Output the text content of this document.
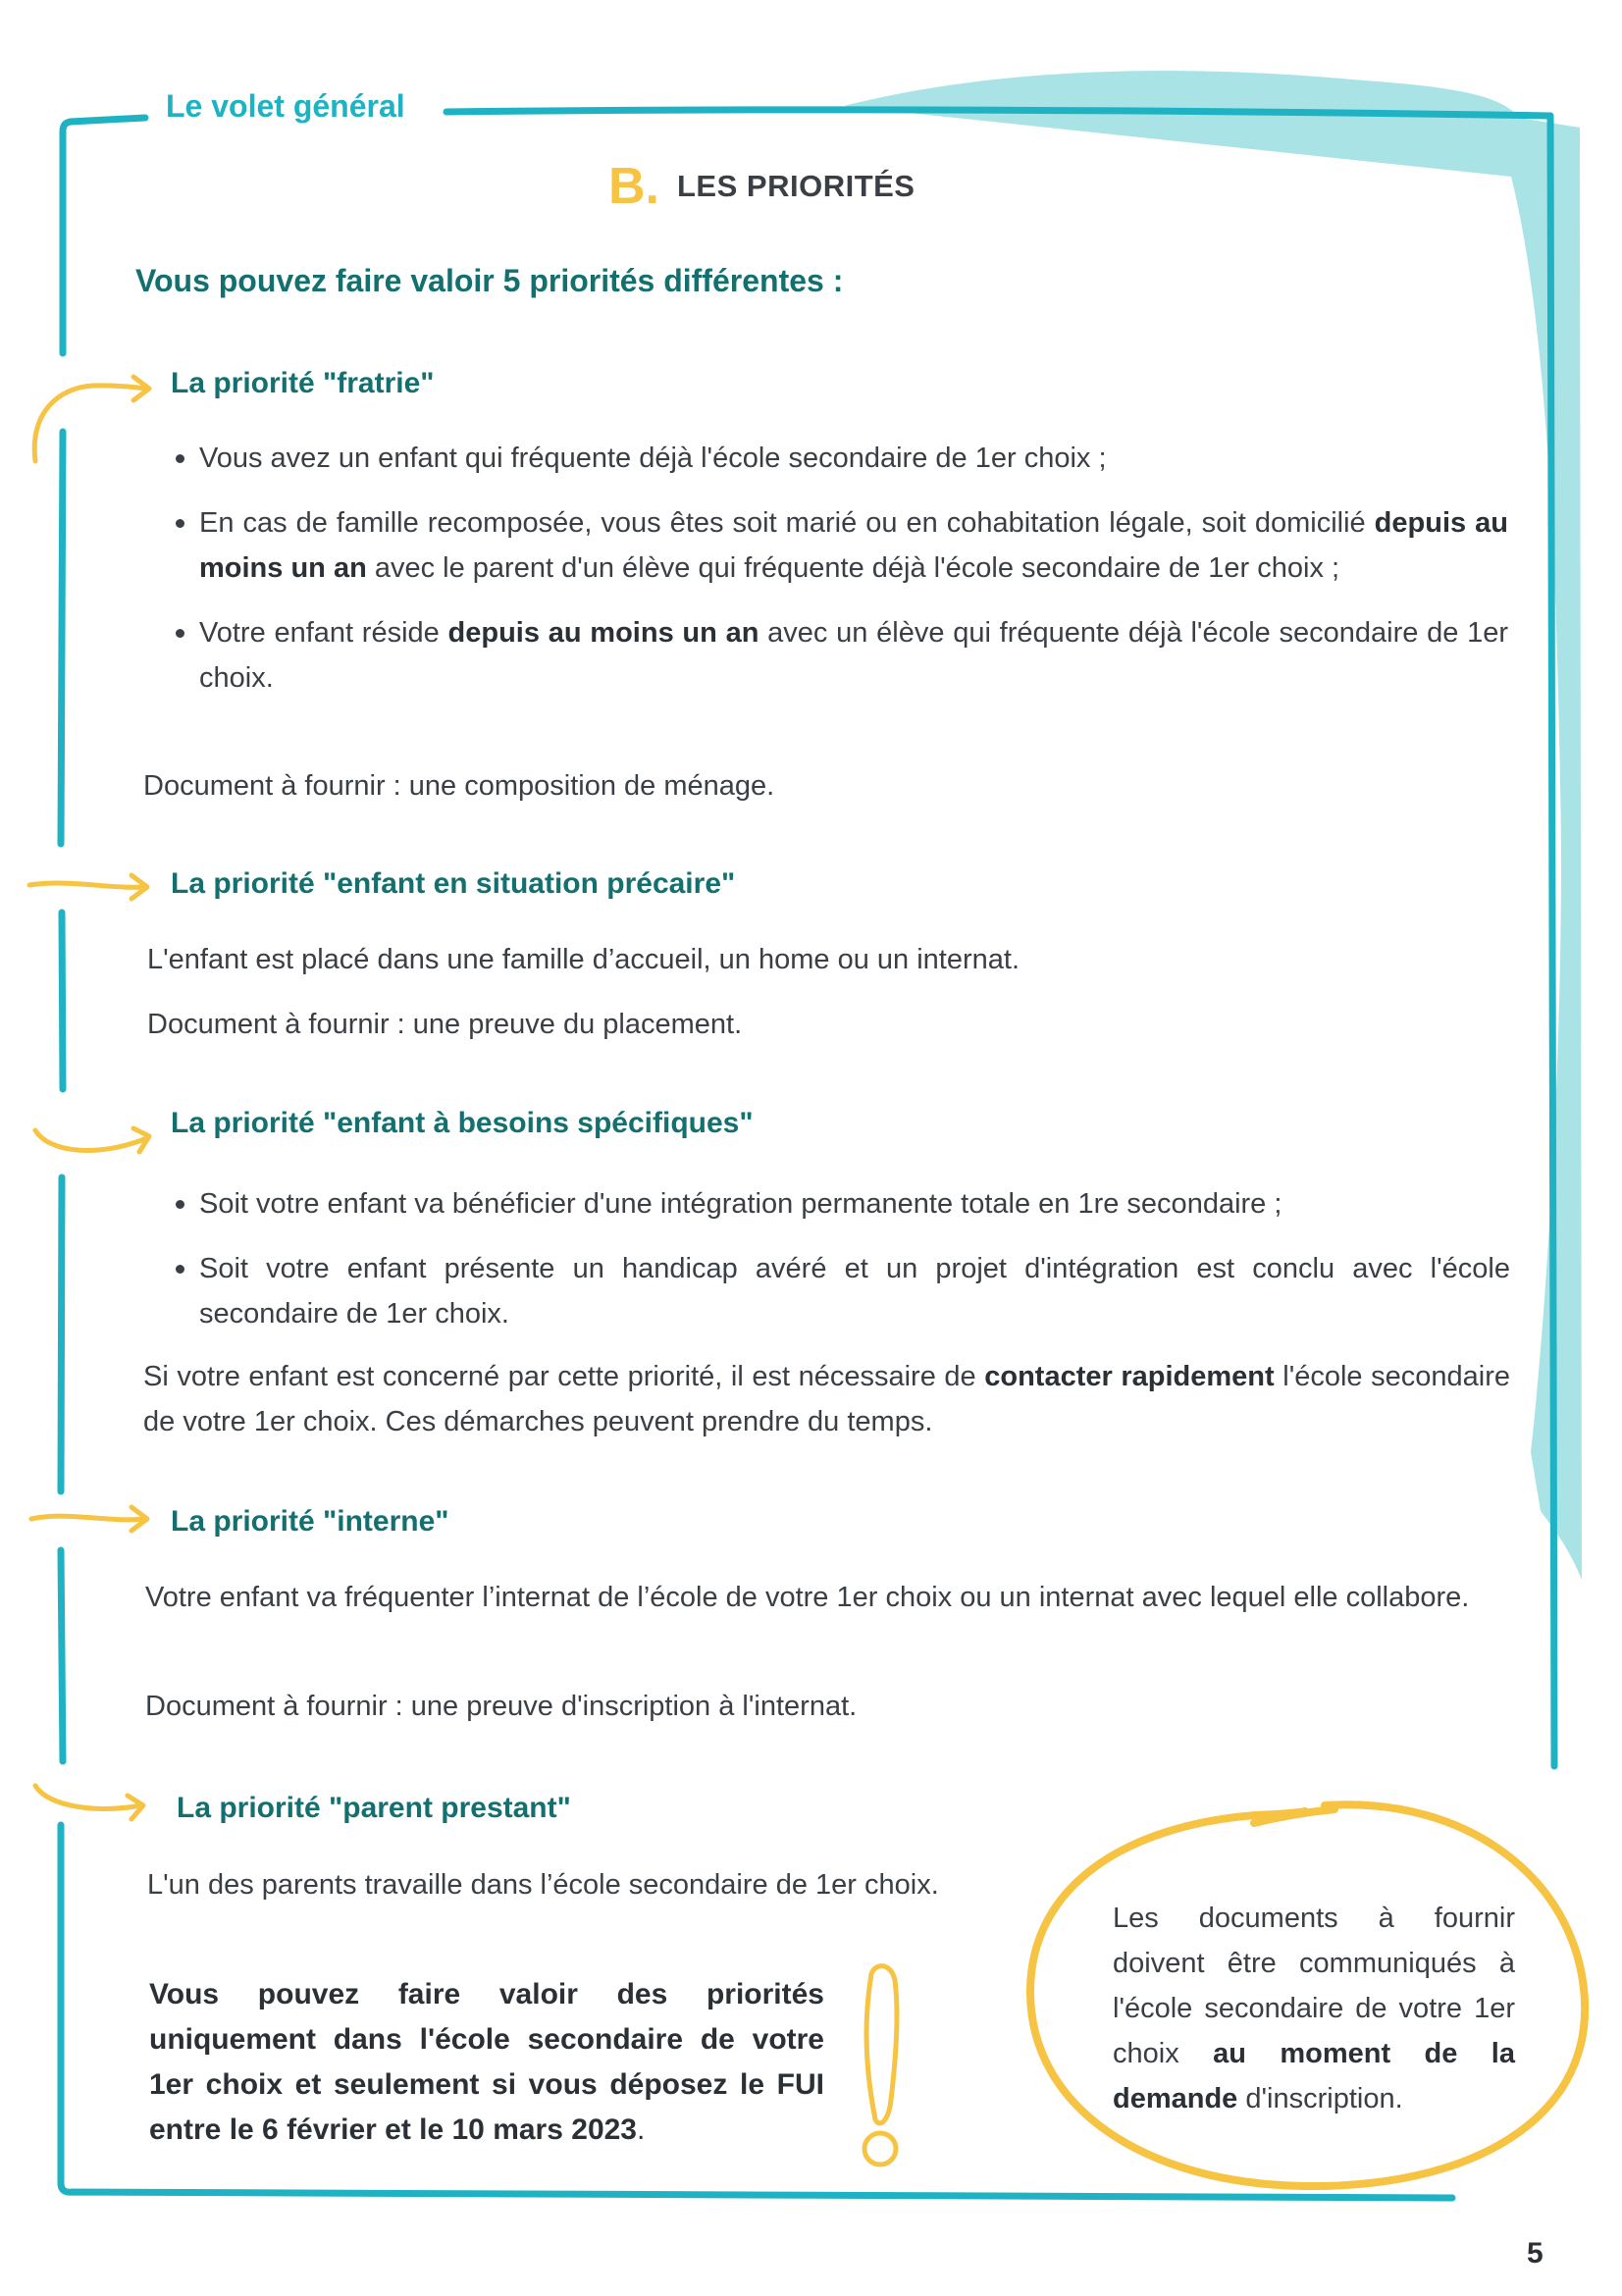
Le volet général
B. LES PRIORITÉS
Vous pouvez faire valoir 5 priorités différentes :
La priorité "fratrie"
Vous avez un enfant qui fréquente déjà l'école secondaire de 1er choix ;
En cas de famille recomposée, vous êtes soit marié ou en cohabitation légale, soit domicilié depuis au moins un an avec le parent d'un élève qui fréquente déjà l'école secondaire de 1er choix ;
Votre enfant réside depuis au moins un an avec un élève qui fréquente déjà l'école secondaire de 1er choix.
Document à fournir : une composition de ménage.
La priorité "enfant en situation précaire"
L'enfant est placé dans une famille d’accueil, un home ou un internat.
Document à fournir : une preuve du placement.
La priorité "enfant à besoins spécifiques"
Soit votre enfant va bénéficier d'une intégration permanente totale en 1re secondaire ;
Soit votre enfant présente un handicap avéré et un projet d'intégration est conclu avec l'école secondaire de 1er choix.
Si votre enfant est concerné par cette priorité, il est nécessaire de contacter rapidement l'école secondaire de votre 1er choix. Ces démarches peuvent prendre du temps.
La priorité "interne"
Votre enfant va fréquenter l’internat de l’école de votre 1er choix ou un internat avec lequel elle collabore.
Document à fournir : une preuve d'inscription à l'internat.
La priorité "parent prestant"
L'un des parents travaille dans l’école secondaire de 1er choix.
Vous pouvez faire valoir des priorités uniquement dans l'école secondaire de votre 1er choix et seulement si vous déposez le FUI entre le 6 février et le 10 mars 2023.
Les documents à fournir doivent être communiqués à l'école secondaire de votre 1er choix au moment de la demande d'inscription.
5
